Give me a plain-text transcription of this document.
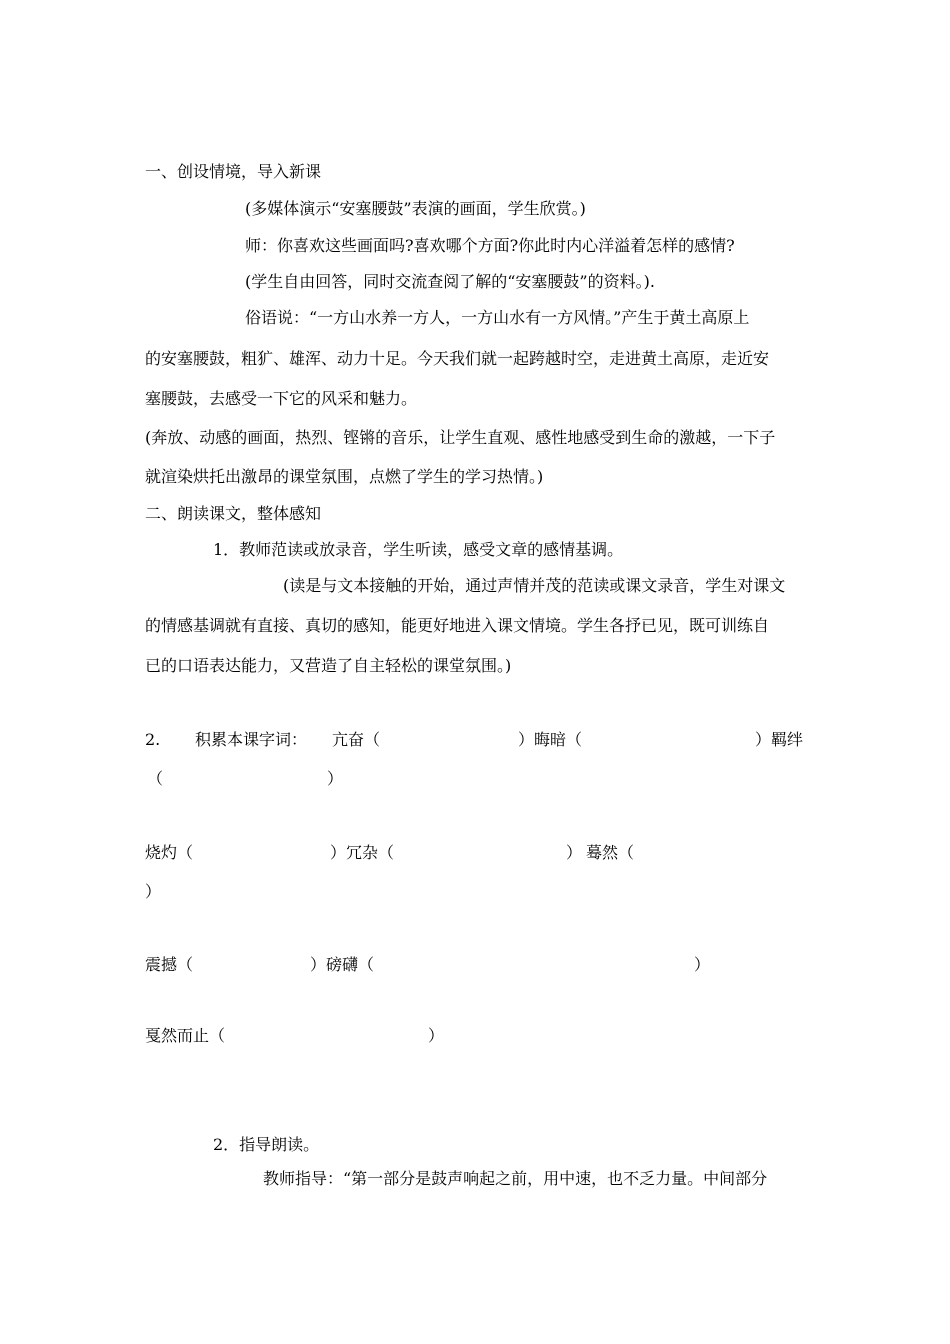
一、创设情境，导入新课
(多媒体演示“安塞腰鼓”表演的画面，学生欣赏。)
师：你喜欢这些画面吗?喜欢哪个方面?你此时内心洋溢着怎样的感情?
(学生自由回答，同时交流查阅了解的“安塞腰鼓”的资料。).
俗语说：“一方山水养一方人，一方山水有一方风情。”产生于黄土高原上
的安塞腰鼓，粗犷、雄浑、动力十足。今天我们就一起跨越时空，走进黄土高原，走近安
塞腰鼓，去感受一下它的风采和魅力。
(奔放、动感的画面，热烈、铿锵的音乐，让学生直观、感性地感受到生命的激越，一下子
就渲染烘托出激昂的课堂氛围，点燃了学生的学习热情。)
二、朗读课文，整体感知
1．教师范读或放录音，学生听读，感受文章的感情基调。
(读是与文本接触的开始，通过声情并茂的范读或课文录音，学生对课文
的情感基调就有直接、真切的感知，能更好地进入课文情境。学生各抒已见，既可训练自
已的口语表达能力，又营造了自主轻松的课堂氛围。)
2. 积累本课字词： 亢奋（	） 晦暗（	） 羁绊
（	）
烧灼（	） 冗杂（	） 蓦然（
）
震撼（	） 磅礴（	）
戛然而止（	）
2．指导朗读。
教师指导：“第一部分是鼓声响起之前，用中速，也不乏力量。中间部分
